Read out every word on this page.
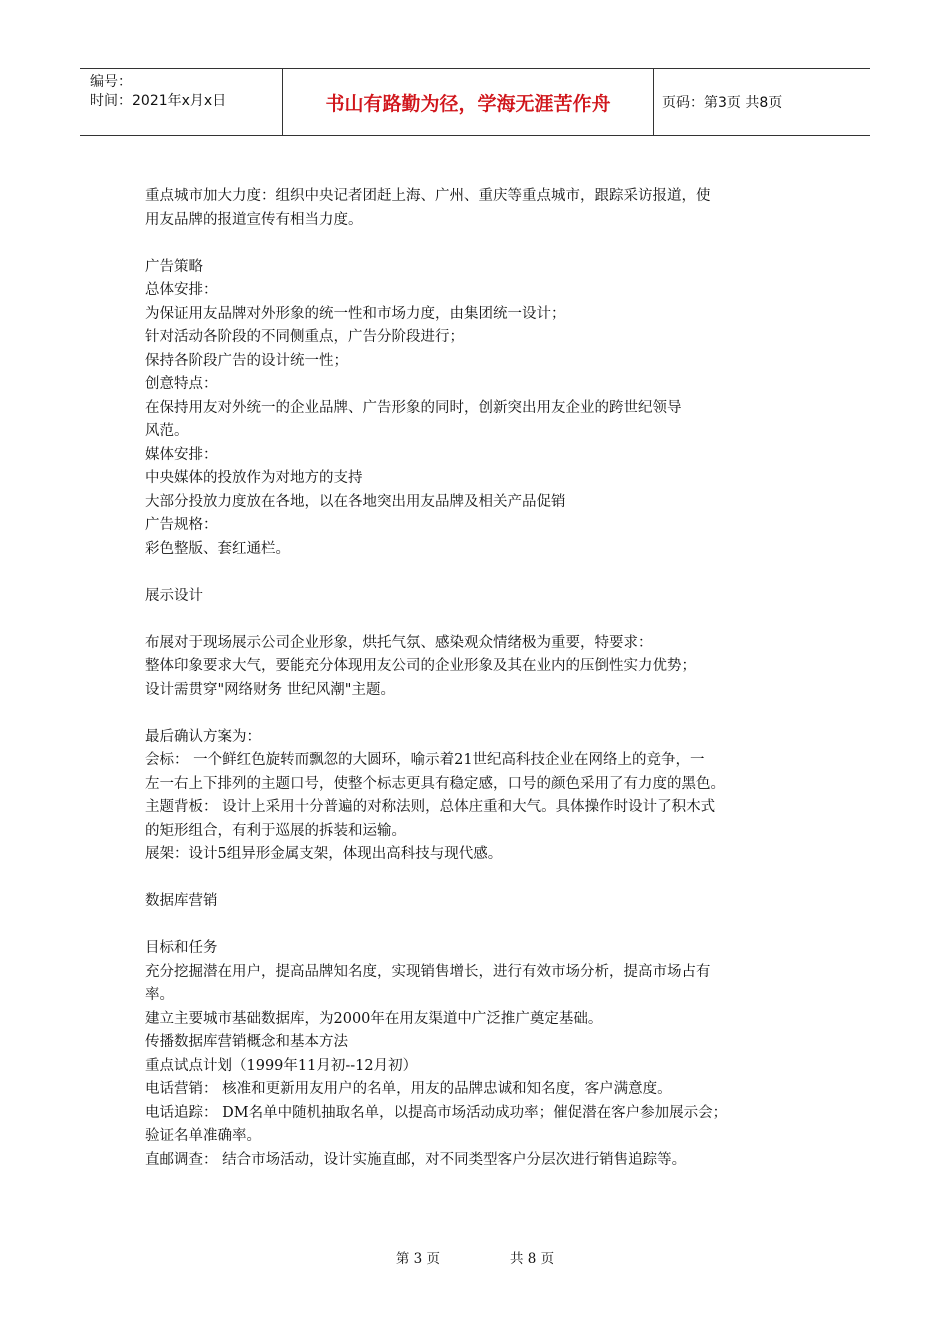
编号：
时间：2021年x月x日	书山有路勤为径，学海无涯苦作舟	页码：第3页 共8页

重点城市加大力度：组织中央记者团赶上海、广州、重庆等重点城市，跟踪采访报道，使

用友品牌的报道宣传有相当力度。

广告策略

总体安排：

为保证用友品牌对外形象的统一性和市场力度，由集团统一设计；

针对活动各阶段的不同侧重点，广告分阶段进行；

保持各阶段广告的设计统一性；

创意特点：

在保持用友对外统一的企业品牌、广告形象的同时，创新突出用友企业的跨世纪领导

风范。

媒体安排：

中央媒体的投放作为对地方的支持

大部分投放力度放在各地，以在各地突出用友品牌及相关产品促销

广告规格：

彩色整版、套红通栏。

展示设计

布展对于现场展示公司企业形象，烘托气氛、感染观众情绪极为重要，特要求：

整体印象要求大气，要能充分体现用友公司的企业形象及其在业内的压倒性实力优势；

设计需贯穿"网络财务 世纪风潮"主题。

最后确认方案为：

会标： 一个鲜红色旋转而飘忽的大圆环，喻示着21世纪高科技企业在网络上的竞争，一

左一右上下排列的主题口号，使整个标志更具有稳定感，口号的颜色采用了有力度的黑色。

主题背板： 设计上采用十分普遍的对称法则，总体庄重和大气。具体操作时设计了积木式

的矩形组合，有利于巡展的拆装和运输。

展架：设计5组异形金属支架，体现出高科技与现代感。

数据库营销

目标和任务

充分挖掘潜在用户，提高品牌知名度，实现销售增长，进行有效市场分析，提高市场占有

率。

建立主要城市基础数据库，为2000年在用友渠道中广泛推广奠定基础。

传播数据库营销概念和基本方法

重点试点计划（1999年11月初--12月初）

电话营销： 核准和更新用友用户的名单，用友的品牌忠诚和知名度，客户满意度。

电话追踪： DM名单中随机抽取名单，以提高市场活动成功率；催促潜在客户参加展示会；

验证名单准确率。

直邮调查： 结合市场活动，设计实施直邮，对不同类型客户分层次进行销售追踪等。

第 3 页	共 8 页
